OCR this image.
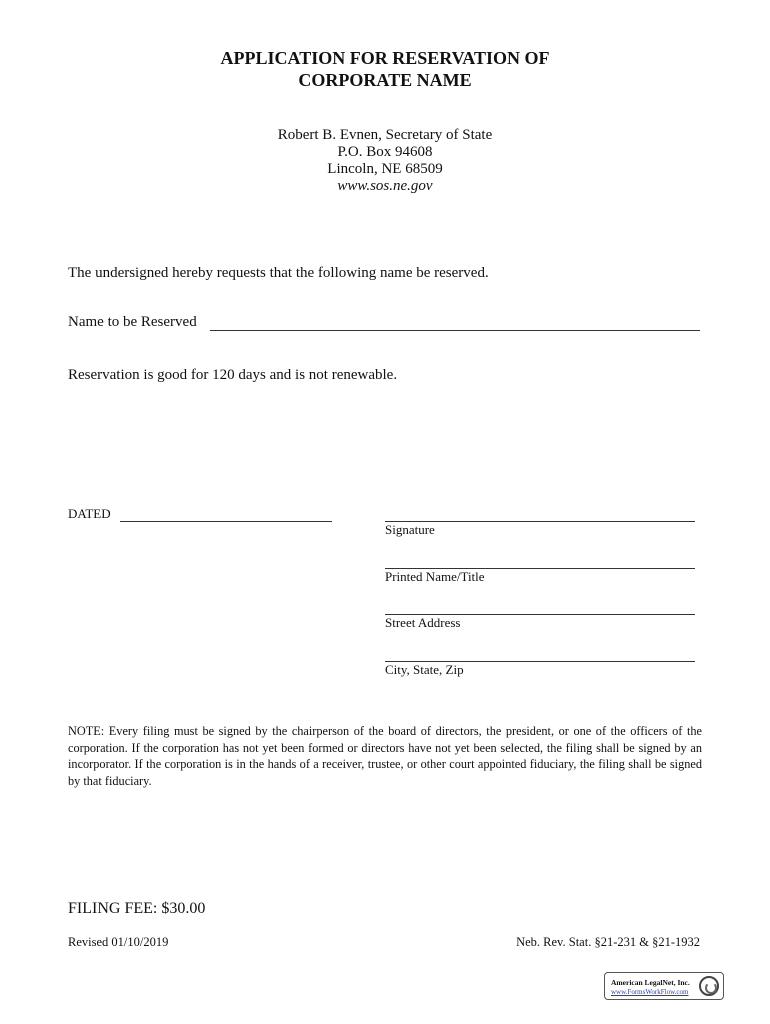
APPLICATION FOR RESERVATION OF
CORPORATE NAME
Robert B. Evnen, Secretary of State
P.O. Box 94608
Lincoln, NE 68509
www.sos.ne.gov
The undersigned hereby requests that the following name be reserved.
Name to be Reserved
Reservation is good for 120 days and is not renewable.
DATED
Signature
Printed Name/Title
Street Address
City, State, Zip
NOTE: Every filing must be signed by the chairperson of the board of directors, the president, or one of the officers of the corporation. If the corporation has not yet been formed or directors have not yet been selected, the filing shall be signed by an incorporator. If the corporation is in the hands of a receiver, trustee, or other court appointed fiduciary, the filing shall be signed by that fiduciary.
FILING FEE: $30.00
Revised 01/10/2019	Neb. Rev. Stat. §21-231 & §21-1932
American LegalNet, Inc.
www.FormsWorkFlow.com
